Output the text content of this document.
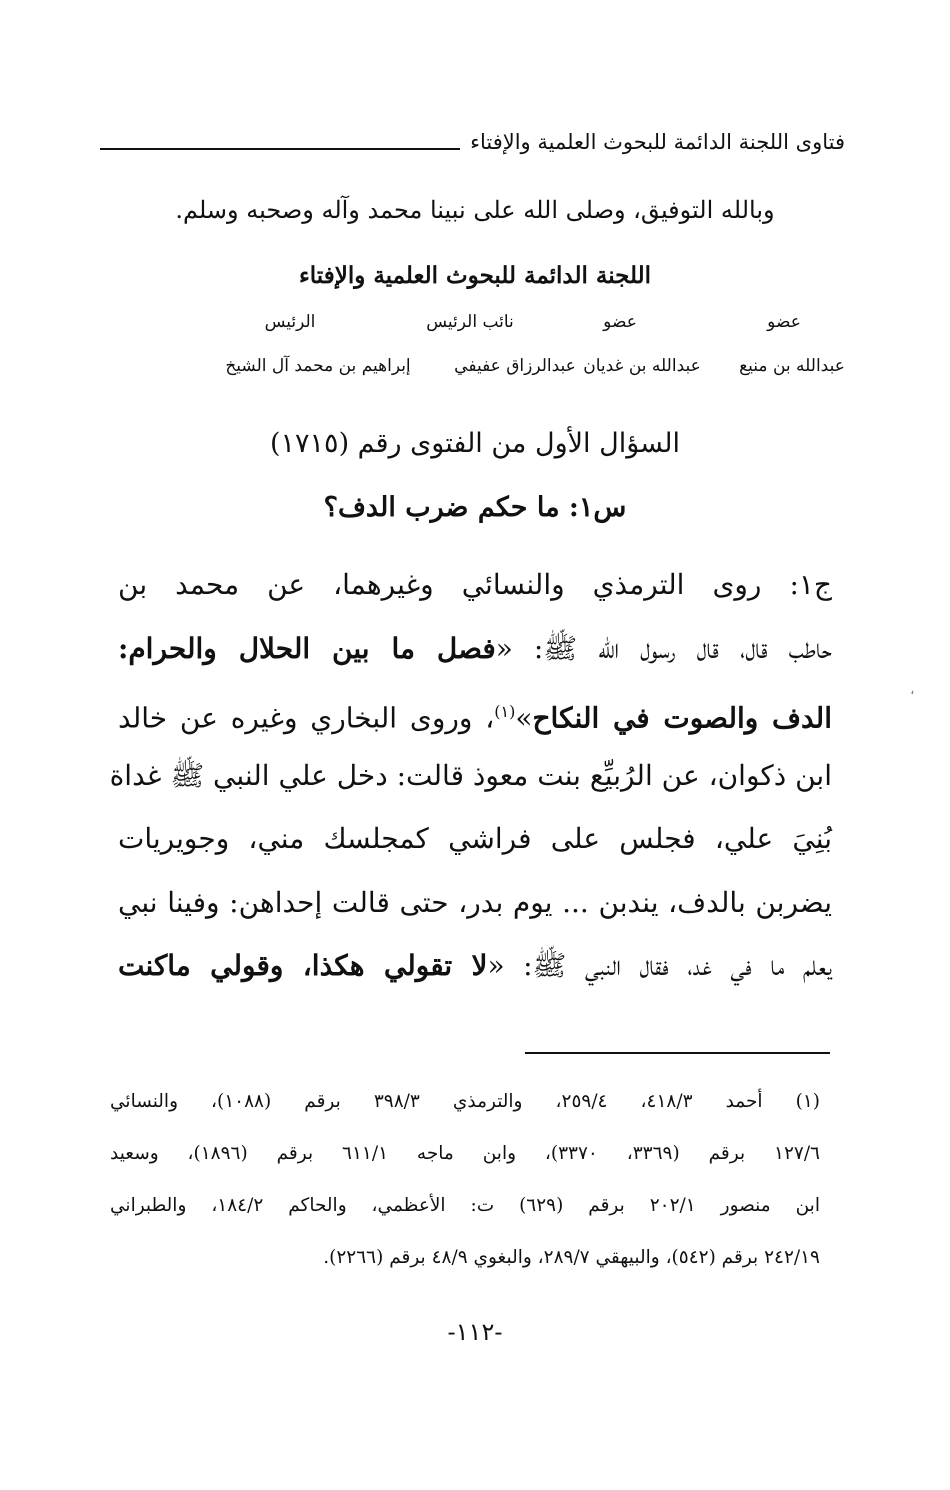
فتاوى اللجنة الدائمة للبحوث العلمية والإفتاء
وبالله التوفيق، وصلى الله على نبينا محمد وآله وصحبه وسلم.
اللجنة الدائمة للبحوث العلمية والإفتاء
عضو
عضو
نائب الرئيس
الرئيس
عبدالله بن منيع
عبدالله بن غديان
عبدالرزاق عفيفي
إبراهيم بن محمد آل الشيخ
السؤال الأول من الفتوى رقم (١٧١٥)
س١: ما حكم ضرب الدف؟
ج١: روى الترمذي والنسائي وغيرهما، عن محمد بن
حاطب قال، قال رسول الله ﷺ: «فصل ما بين الحلال والحرام:
الدف والصوت في النكاح»$^{(١)}$، وروى البخاري وغيره عن خالد
ابن ذكوان، عن الرُبيِّع بنت معوذ قالت: دخل علي النبي ﷺ غداة
بُنِيَ علي، فجلس على فراشي كمجلسك مني، وجويريات
يضربن بالدف، يندبن ... يوم بدر، حتى قالت إحداهن: وفينا نبي
يعلم ما في غد، فقال النبي ﷺ: «لا تقولي هكذا، وقولي ماكنت
(١) أحمد ٤١٨/٣، ٢٥٩/٤، والترمذي ٣٩٨/٣ برقم (١٠٨٨)، والنسائي
١٢٧/٦ برقم (٣٣٦٩، ٣٣٧٠)، وابن ماجه ٦١١/١ برقم (١٨٩٦)، وسعيد
ابن منصور ٢٠٢/١ برقم (٦٢٩) ت: الأعظمي، والحاكم ١٨٤/٢، والطبراني
٢٤٢/١٩ برقم (٥٤٢)، والبيهقي ٢٨٩/٧، والبغوي ٤٨/٩ برقم (٢٢٦٦).
-١١٢-
،
